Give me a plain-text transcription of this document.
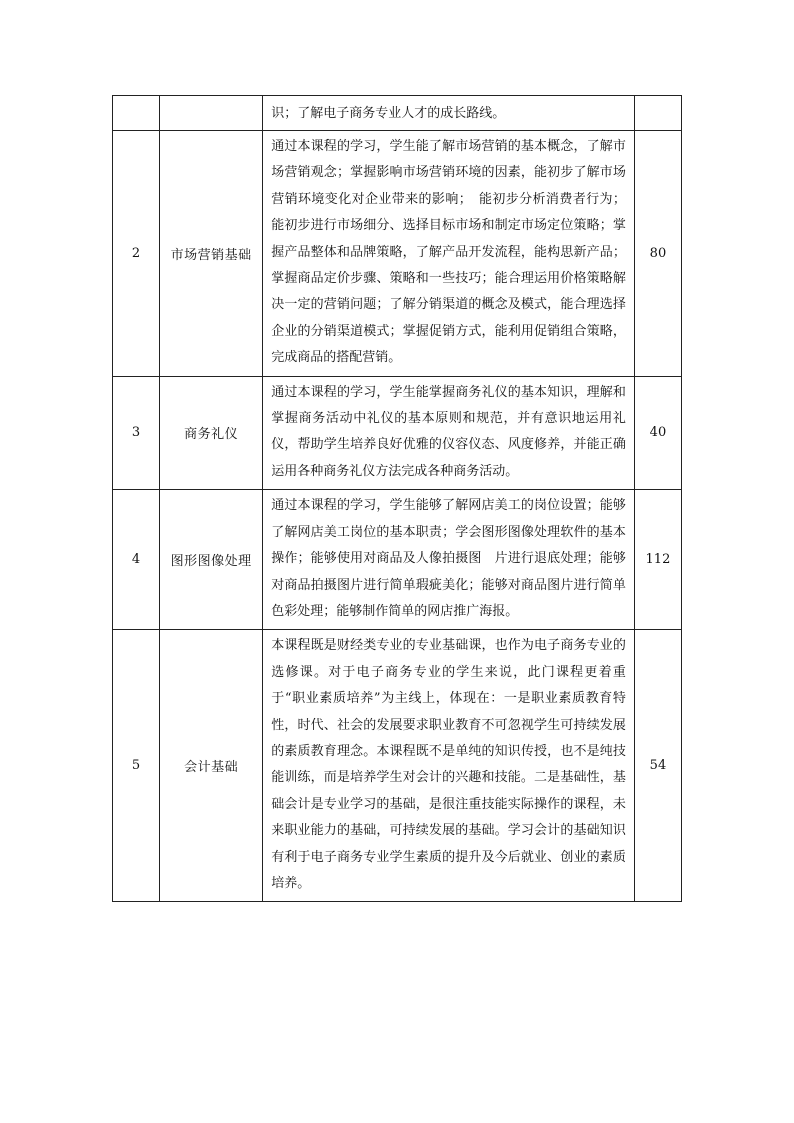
		识；了解电子商务专业人才的成长路线。	

2	市场营销基础	通过本课程的学习，学生能了解市场营销的基本概念，了解市场营销观念；掌握影响市场营销环境的因素，能初步了解市场营销环境变化对企业带来的影响；　能初步分析消费者行为；能初步进行市场细分、选择目标市场和制定市场定位策略；掌握产品整体和品牌策略，了解产品开发流程，能构思新产品；掌握商品定价步骤、策略和一些技巧；能合理运用价格策略解决一定的营销问题；了解分销渠道的概念及模式，能合理选择企业的分销渠道模式；掌握促销方式，能利用促销组合策略，完成商品的搭配营销。	80
3	商务礼仪	通过本课程的学习，学生能掌握商务礼仪的基本知识，理解和掌握商务活动中礼仪的基本原则和规范，并有意识地运用礼仪，帮助学生培养良好优雅的仪容仪态、风度修养，并能正确运用各种商务礼仪方法完成各种商务活动。	40
4	图形图像处理	通过本课程的学习，学生能够了解网店美工的岗位设置；能够了解网店美工岗位的基本职责；学会图形图像处理软件的基本操作；能够使用对商品及人像拍摄图　片进行退底处理；能够对商品拍摄图片进行简单瑕疵美化；能够对商品图片进行简单色彩处理；能够制作简单的网店推广海报。	112
5	会计基础	本课程既是财经类专业的专业基础课，也作为电子商务专业的选修课。对于电子商务专业的学生来说，此门课程更着重于“职业素质培养”为主线上，体现在：一是职业素质教育特性，时代、社会的发展要求职业教育不可忽视学生可持续发展的素质教育理念。本课程既不是单纯的知识传授，也不是纯技能训练，而是培养学生对会计的兴趣和技能。二是基础性，基础会计是专业学习的基础，是很注重技能实际操作的课程，未来职业能力的基础，可持续发展的基础。学习会计的基础知识有利于电子商务专业学生素质的提升及今后就业、创业的素质培养。	54
